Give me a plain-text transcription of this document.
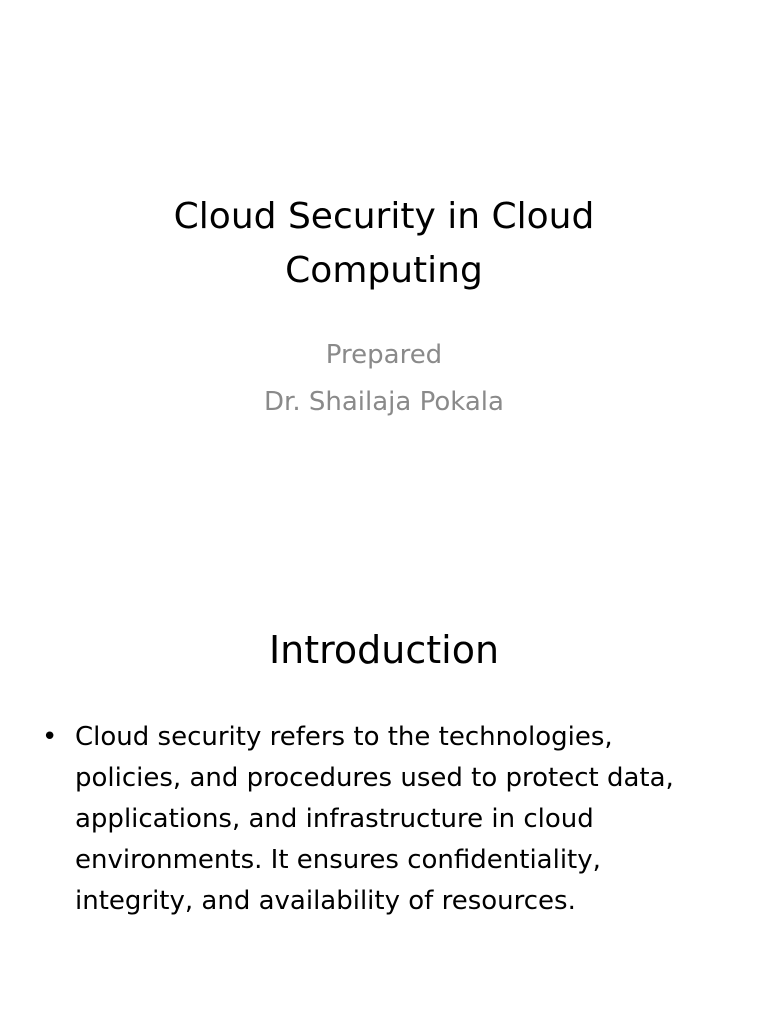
Cloud Security in Cloud
Computing
Prepared
Dr. Shailaja Pokala
Introduction
• Cloud security refers to the technologies,
policies, and procedures used to protect data,
applications, and infrastructure in cloud
environments. It ensures confidentiality,
integrity, and availability of resources.
